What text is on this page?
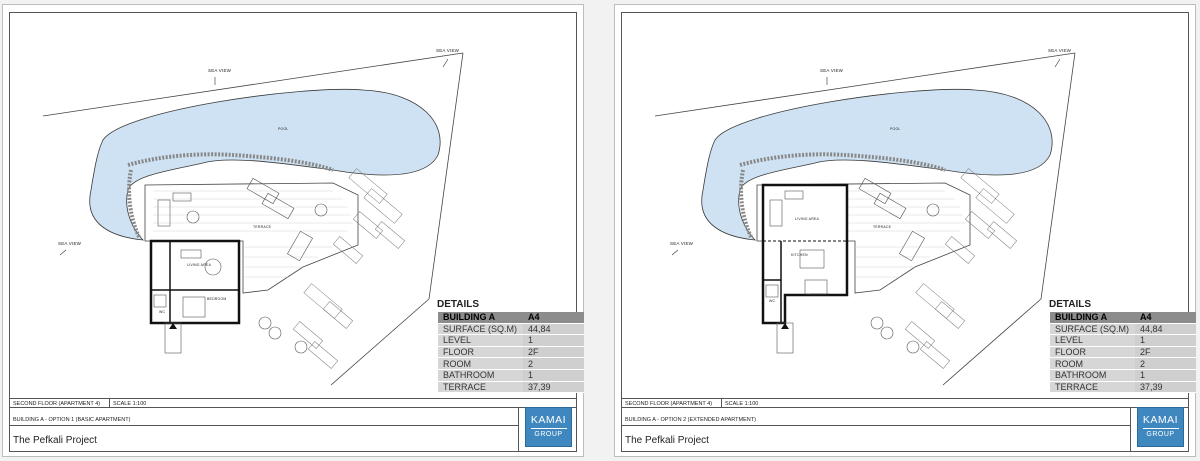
SEA VIEW
SEA VIEW
SEA VIEW
POOL
TERRACE
LIVING AREA
BEDROOM
WC
DETAILS
BUILDING A	A4
SURFACE (SQ.M)	44,84
LEVEL	1
FLOOR	2F
ROOM	2
BATHROOM	1
TERRACE	37,39
SECOND FLOOR (APARTMENT 4) SCALE 1:100
BUILDING A - OPTION 1 (BASIC APARTMENT)
The Pefkali Project
KAMAI
GROUP
SEA VIEW
SEA VIEW
SEA VIEW
POOL
TERRACE
LIVING AREA
KITCHEN
BEDROOM
WC	DETAILS
BUILDING A	A4
SURFACE (SQ.M)	44,84
LEVEL	1
FLOOR	2F
ROOM	2
BATHROOM	1
TERRACE	37,39
SECOND FLOOR (APARTMENT 4) SCALE 1:100
BUILDING A - OPTION 2 (EXTENDED APARTMENT)
The Pefkali Project
KAMAI
GROUP
